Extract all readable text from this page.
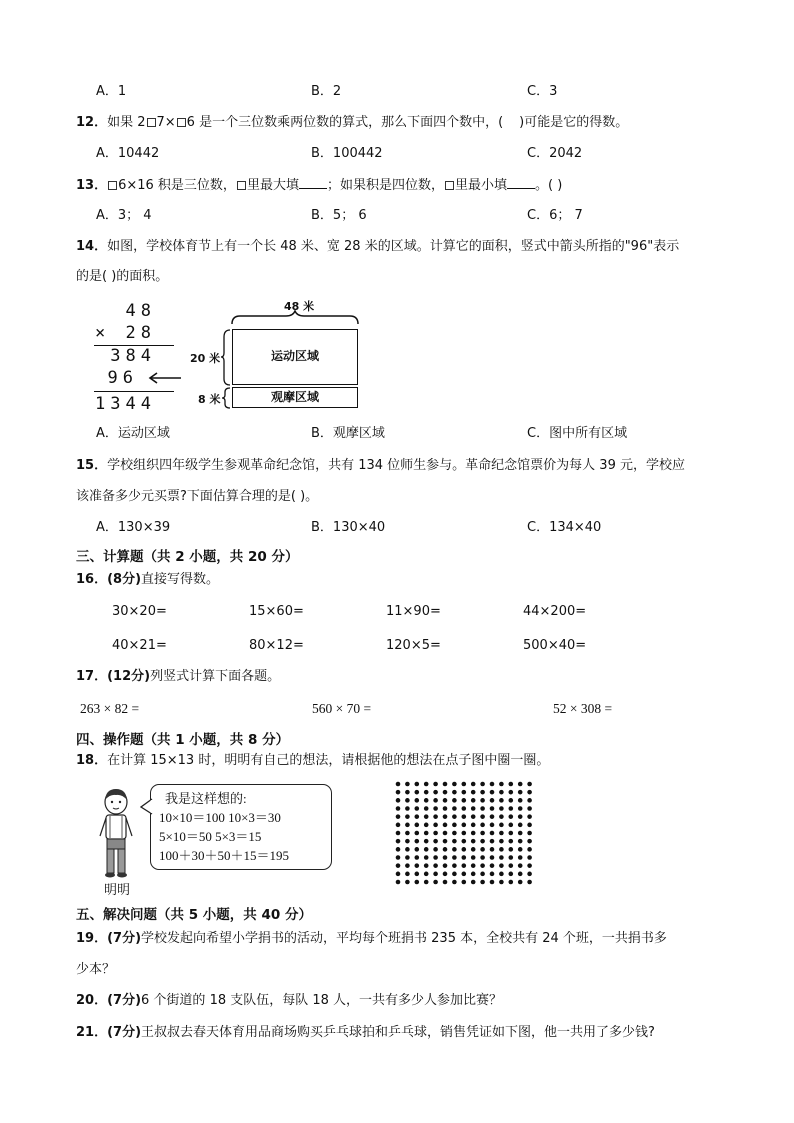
A．1	B．2	C．3
12．如果 2 7× 6 是一个三位数乘两位数的算式，那么下面四个数中，( )可能是它的得数。
A．10442	B．100442	C．2042
13． 6×16 积是三位数， 里最大填 ；如果积是四位数， 里最小填 。( )
A．3； 4	B．5； 6	C．6； 7
14．如图，学校体育节上有一个长 48 米、宽 28 米的区域。计算它的面积，竖式中箭头所指的"96"表示
的是( )的面积。
48
× 28
384
96
1344
48 米
运动区域
观摩区域
20 米
8 米
A．运动区域	B．观摩区域	C．图中所有区域
15．学校组织四年级学生参观革命纪念馆，共有 134 位师生参与。革命纪念馆票价为每人 39 元，学校应
该准备多少元买票?下面估算合理的是( )。
A．130×39	B．130×40	C．134×40
三、计算题（共 2 小题，共 20 分）
16．(8分)直接写得数。
30×20=	15×60=	11×90=	44×200=
40×21=	80×12=	120×5=	500×40=
17．(12分)列竖式计算下面各题。
263 × 82 =	560 × 70 =	52 × 308 =
四、操作题（共 1 小题，共 8 分）
18．在计算 15×13 时，明明有自己的想法，请根据他的想法在点子图中圈一圈。
明明
我是这样想的:
10×10＝100 10×3＝30
5×10＝50 5×3＝15
100＋30＋50＋15＝195
五、解决问题（共 5 小题，共 40 分）
19．(7分)学校发起向希望小学捐书的活动，平均每个班捐书 235 本，全校共有 24 个班，一共捐书多
少本？
20．(7分)6 个街道的 18 支队伍，每队 18 人，一共有多少人参加比赛？
21．(7分)王叔叔去春天体育用品商场购买乒乓球拍和乒乓球，销售凭证如下图，他一共用了多少钱?
